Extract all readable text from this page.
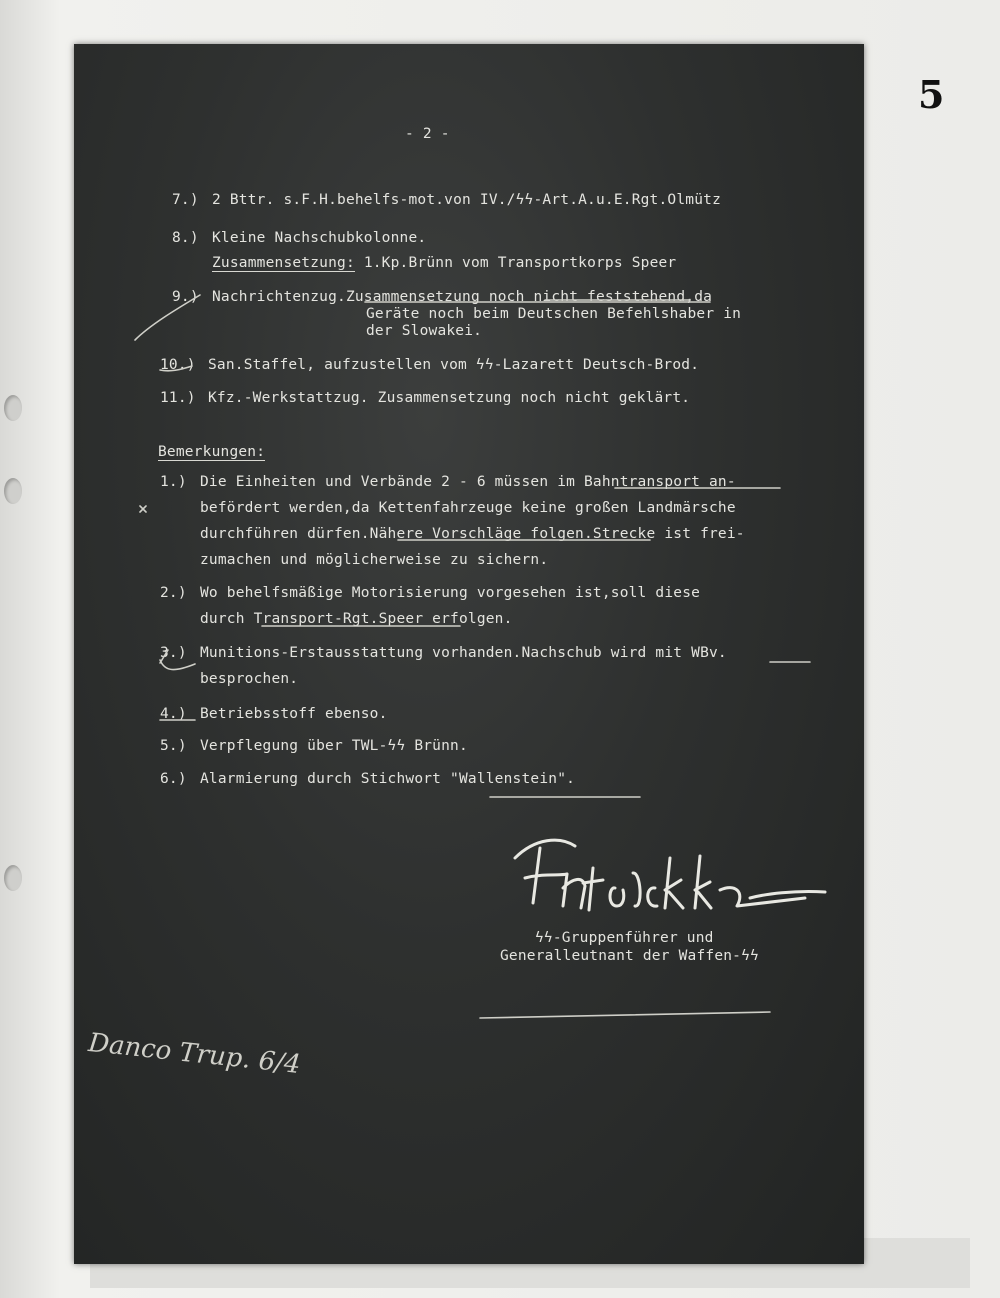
5
- 2 -
7.) 2 Bttr. s.F.H.behelfs-mot.von IV./ϟϟ-Art.A.u.E.Rgt.Olmütz
8.) Kleine Nachschubkolonne.
Zusammensetzung: 1.Kp.Brünn vom Transportkorps Speer
9.) Nachrichtenzug.Zusammensetzung noch nicht feststehend,da
Geräte noch beim Deutschen Befehlshaber in
der Slowakei.
10.) San.Staffel, aufzustellen vom ϟϟ-Lazarett Deutsch-Brod.
11.) Kfz.-Werkstattzug. Zusammensetzung noch nicht geklärt.
Bemerkungen:
1.) Die Einheiten und Verbände 2 - 6 müssen im Bahntransport an-
befördert werden,da Kettenfahrzeuge keine großen Landmärsche
durchführen dürfen.Nähere Vorschläge folgen.Strecke ist frei-
zumachen und möglicherweise zu sichern.
2.) Wo behelfsmäßige Motorisierung vorgesehen ist,soll diese
durch Transport-Rgt.Speer erfolgen.
3.) Munitions-Erstausstattung vorhanden.Nachschub wird mit WBv.
besprochen.
4.) Betriebsstoff ebenso.
5.) Verpflegung über TWL-ϟϟ Brünn.
6.) Alarmierung durch Stichwort "Wallenstein".
ϟϟ-Gruppenführer und
Generalleutnant der Waffen-ϟϟ
Danco Trup. 6/4
